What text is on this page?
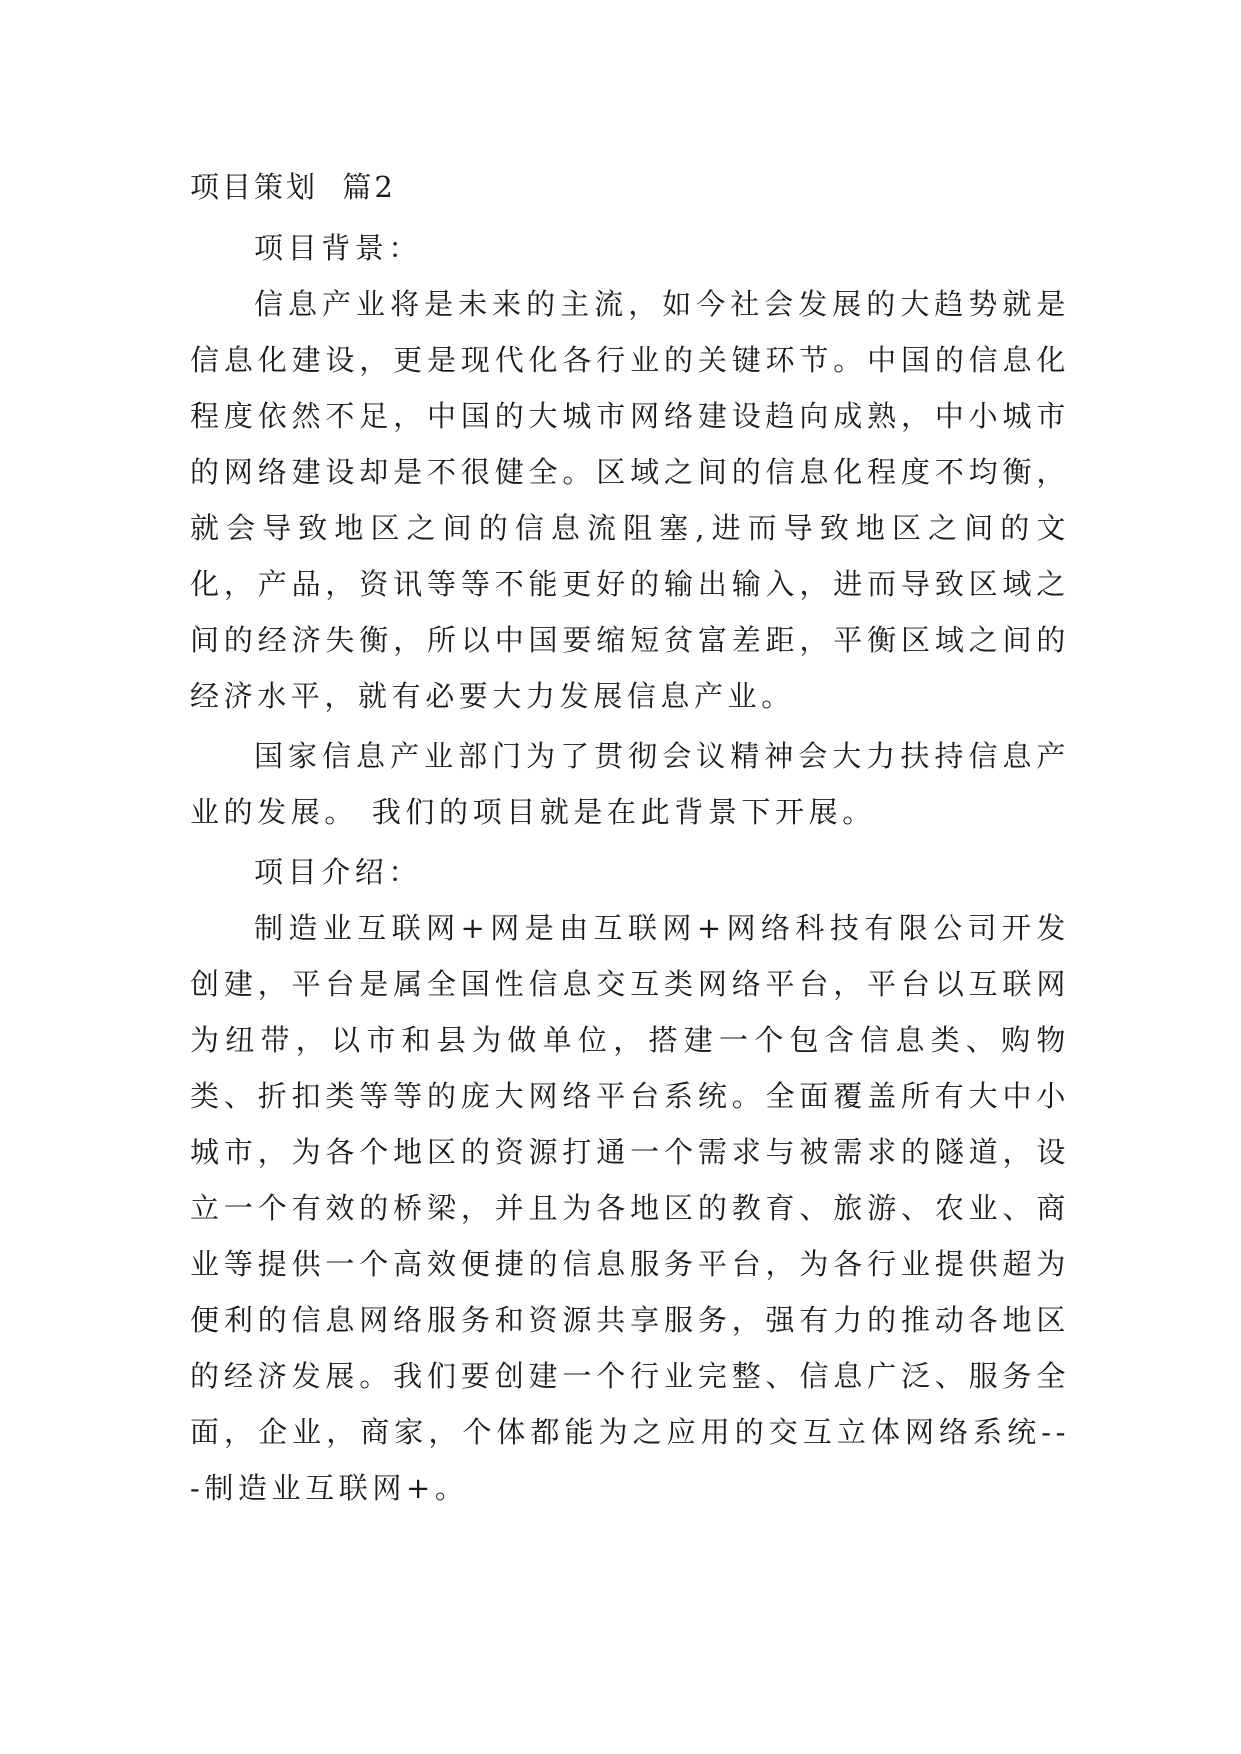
项目策划  篇2

项目背景：

信息产业将是未来的主流，如今社会发展的大趋势就是信息化建设，更是现代化各行业的关键环节。中国的信息化程度依然不足，中国的大城市网络建设趋向成熟，中小城市的网络建设却是不很健全。区域之间的信息化程度不均衡，就会导致地区之间的信息流阻塞,进而导致地区之间的文化，产品，资讯等等不能更好的输出输入，进而导致区域之间的经济失衡，所以中国要缩短贫富差距，平衡区域之间的经济水平，就有必要大力发展信息产业。

国家信息产业部门为了贯彻会议精神会大力扶持信息产业的发展。 我们的项目就是在此背景下开展。

项目介绍：

制造业互联网+网是由互联网+网络科技有限公司开发创建，平台是属全国性信息交互类网络平台，平台以互联网为纽带，以市和县为做单位，搭建一个包含信息类、购物类、折扣类等等的庞大网络平台系统。全面覆盖所有大中小城市，为各个地区的资源打通一个需求与被需求的隧道，设立一个有效的桥梁，并且为各地区的教育、旅游、农业、商业等提供一个高效便捷的信息服务平台，为各行业提供超为便利的信息网络服务和资源共享服务，强有力的推动各地区的经济发展。我们要创建一个行业完整、信息广泛、服务全面，企业，商家，个体都能为之应用的交互立体网络系统---制造业互联网+。
